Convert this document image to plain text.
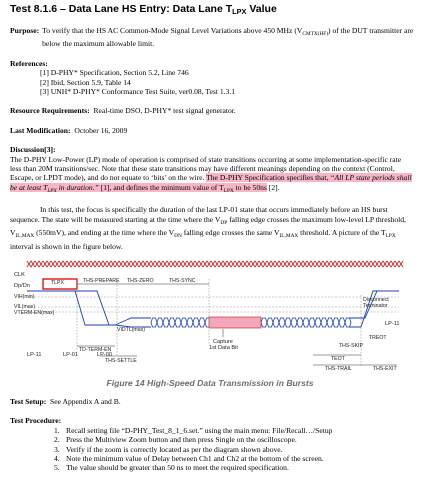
Test 8.1.6 – Data Lane HS Entry: Data Lane $T_{LPX}$ Value
Purpose: To verify that the HS AC Common-Mode Signal Level Variations above 450 MHz $(V_{CMTX(HF)})$ of the DUT transmitter are below the maximum allowable limit.

References:

[1] D-PHY* Specification, Section 5.2, Line 746
[2] Ibid, Section 5.9, Table 14
[3] UNH* D-PHY* Conformance Test Suite, ver0.08, Test 1.3.1

Resource Requirements: Real-time DSO, D-PHY* test signal generator.

Last Modification: October 16, 2009

Discussion[3]:

The D-PHY Low-Power (LP) mode of operation is comprised of state transitions occurring at some implementation-specific rate less than 20M transitions/sec. Note that these state transitions may have different meanings depending on the context (Control, Escape, or LPDT mode), and do not equate to ‘bits’ on the wire. The D-PHY Specification specifies that, “All LP state periods shall be at least $T_{LPX}$ in duration.” [1], and defines the minimum value of $T_{LPX}$ to be 50ns [2].

In this test, the focus is specifically the duration of the last LP-01 state that occurs immediately before an HS burst sequence. The state will be measured starting at the time where the $V_{DP}$ falling edge crosses the maximum low-level LP threshold, $V_{IL,MAX}$ (550mV), and ending at the time where the $V_{DN}$ falling edge crosses the same $V_{IL,MAX}$ threshold. A picture of the $T_{LPX}$ interval is shown in the figure below.

CLK
Dp/Dn
VIH(min)
VIL(max)
VTERM-EN(max)
TLPX	THS-PREPARE THS-ZERO	THS-SYNC
Disconnect
Terminator
TD-TERM-EN
THS-SETTLE
VIDTL(max)
Capture
1st Data Bit
TREOT
THS-SKIP
TEOT
THS-TRAIL	THS-EXIT
LP-11	LP-01	LP-00
LP-11
Figure 14 High-Speed Data Transmission in Bursts

Test Setup: See Appendix A and B.

Test Procedure:

1. Recall setting file “D-PHY_Test_8_1_6.set.” using the main menu: File/Recall…/Setup
2. Press the Multiview Zoom button and then press Single on the oscilloscope.
3. Verify if the zoom is correctly located as per the diagram shown above.
4. Note the minimum value of Delay between Ch1 and Ch2 at the bottom of the screen.
5. The value should be greater than 50 ns to meet the required specification.
